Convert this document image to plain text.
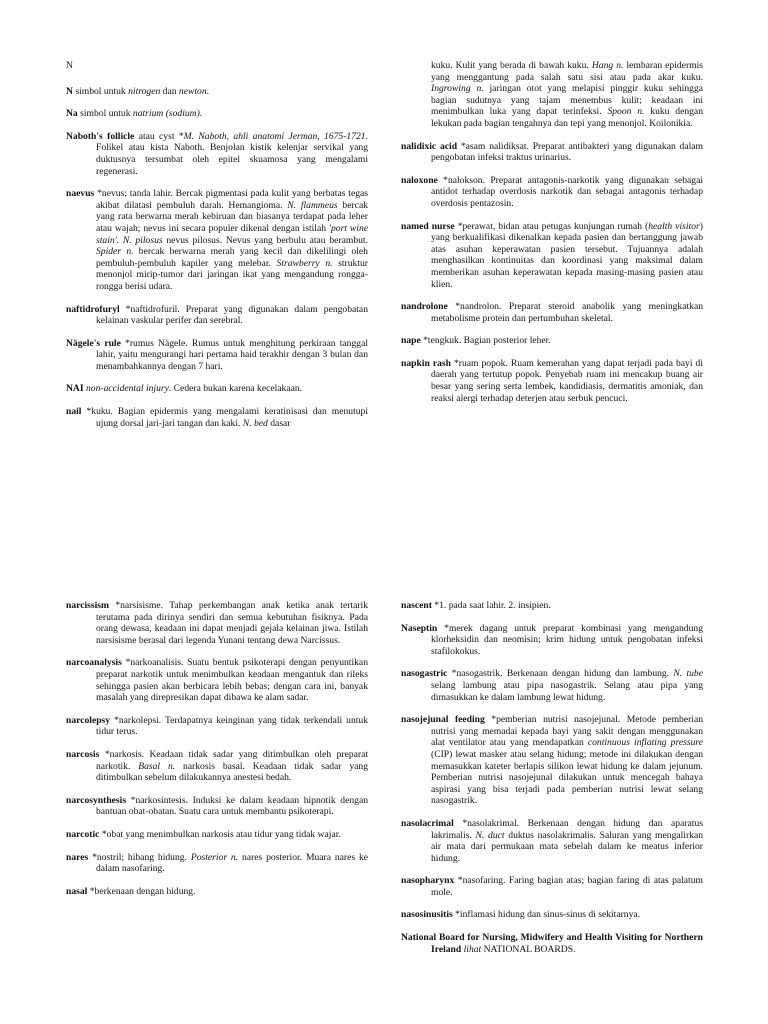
N
N simbol untuk nitrogen dan newton.
Na simbol untuk natrium (sodium).
Naboth's follicle atau cyst *M. Naboth, ahli anatomi Jerman, 1675-1721. Folikel atau kista Naboth. Benjolan kistik kelenjar servikal yang duktusnya tersumbat oleh epitel skuamosa yang mengalami regenerasi.
naevus *nevus; tanda lahir. Bercak pigmentasi pada kulit yang berbatas tegas akibat dilatasi pembuluh darah. Hemangioma. N. flammeus bercak yang rata berwarna merah kebiruan dan biasanya terdapat pada leher atau wajah; nevus ini secara populer dikenal dengan istilah 'port wine stain'. N. pilosus nevus pilosus. Nevus yang berbulu atau berambut. Spider n. bercak berwarna merah yang kecil dan dikelilingi oleh pembuluh-pembuluh kapiler yang melebar. Strawberry n. struktur menonjol mirip-tumor dari jaringan ikat yang mengandung rongga-rongga berisi udara.
naftidrofuryl *naftidrofuril. Preparat yang digunakan dalam pengobatan kelainan vaskular perifer dan serebral.
Nägele's rule *rumus Nägele. Rumus untuk menghitung perkiraan tanggal lahir, yaitu mengurangi hari pertama haid terakhir dengan 3 bulan dan menambahkannya dengan 7 hari.
NAI non-accidental injury. Cedera bukan karena kecelakaan.
nail *kuku. Bagian epidermis yang mengalami keratinisasi dan menutupi ujung dorsal jari-jari tangan dan kaki. N. bed dasar
kuku. Kulit yang berada di bawah kuku. Hang n. lembaran epidermis yang menggantung pada salah satu sisi atau pada akar kuku. Ingrowing n. jaringan otot yang melapisi pinggir kuku sehingga bagian sudutnya yang tajam menembus kulit; keadaan ini menimbulkan luka yang dapat terinfeksi. Spoon n. kuku dengan lekukan pada bagian tengahnya dan tepi yang menonjol. Koilonikia.
nalidixic acid *asam nalidiksat. Preparat antibakteri yang digunakan dalam pengobatan infeksi traktus urinarius.
naloxone *nalokson. Preparat antagonis-narkotik yang digunakan sebagai antidot terhadap overdosis narkotik dan sebagai antagonis terhadap overdosis pentazosin.
named nurse *perawat, bidan atau petugas kunjungan rumah (health visitor) yang berkualifikasi dikenalkan kepada pasien dan bertanggung jawab atas asuhan keperawatan pasien tersebut. Tujuannya adalah menghasilkan kontinuitas dan koordinasi yang maksimal dalam memberikan asuhan keperawatan kepada masing-masing pasien atau klien.
nandrolone *nandrolon. Preparat steroid anabolik yang meningkatkan metabolisme protein dan pertumbuhan skeletal.
nape *tengkuk. Bagian posterior leher.
napkin rash *ruam popok. Ruam kemerahan yang dapat terjadi pada bayi di daerah yang tertutup popok. Penyebab ruam ini mencakup buang air besar yang sering serta lembek, kandidiasis, dermatitis amoniak, dan reaksi alergi terhadap deterjen atau serbuk pencuci.
narcissism *narsisisme. Tahap perkembangan anak ketika anak tertarik terutama pada dirinya sendiri dan semua kebutuhan fisiknya. Pada orang dewasa, keadaan ini dapat menjadi gejala kelainan jiwa. Istilah narsisisme berasal dari legenda Yunani tentang dewa Narcissus.
narcoanalysis *narkoanalisis. Suatu bentuk psikoterapi dengan penyuntikan preparat narkotik untuk menimbulkan keadaan mengantuk dan rileks sehingga pasien akan berbicara lebih bebas; dengan cara ini, banyak masalah yang direpresikan dapat dibawa ke alam sadar.
narcolepsy *narkolepsi. Terdapatnya keinginan yang tidak terkendali untuk tidur terus.
narcosis *narkosis. Keadaan tidak sadar yang ditimbulkan oleh preparat narkotik. Basal n. narkosis basal. Keadaan tidak sadar yang ditimbulkan sebelum dilakukannya anestesi bedah.
narcosynthesis *narkosintesis. Induksi ke dalam keadaan hipnotik dengan bantuan obat-obatan. Suatu cara untuk membantu psikoterapi.
narcotic *obat yang menimbulkan narkosis atau tidur yang tidak wajar.
nares *nostril; hibang hidung. Posterior n. nares posterior. Muara nares ke dalam nasofaring.
nasal *berkenaan dengan hidung.
nascent *1. pada saat lahir. 2. insipien.
Naseptin *merek dagang untuk preparat kombinasi yang mengandung klorheksidin dan neomisin; krim hidung untuk pengobatan infeksi stafilokokus.
nasogastric *nasogastrik. Berkenaan dengan hidung dan lambung. N. tube selang lambung atau pipa nasogastrik. Selang atau pipa yang dimasukkan ke dalam lambung lewat hidung.
nasojejunal feeding *pemberian nutrisi nasojejunal. Metode pemberian nutrisi yang memadai kepada bayi yang sakit dengan menggunakan alat ventilator atau yang mendapatkan continuous inflating pressure (CIP) lewat masker atau selang hidung; metode ini dilakukan dengan memasukkan kateter berlapis silikon lewat hidung ke dalam jejunum. Pemberian nutrisi nasojejunal dilakukan untuk mencegah bahaya aspirasi yang bisa terjadi pada pemberian nutrisi lewat selang nasogastrik.
nasolacrimal *nasolakrimal. Berkenaan dengan hidung dan aparatus lakrimalis. N. duct duktus nasolakrimalis. Saluran yang mengalirkan air mata dari permukaan mata sebelah dalam ke meatus inferior hidung.
nasopharynx *nasofaring. Faring bagian atas; bagian faring di atas palatum mole.
nasosinusitis *inflamasi hidung dan sinus-sinus di sekitarnya.
National Board for Nursing, Midwifery and Health Visiting for Northern Ireland lihat NATIONAL BOARDS.
